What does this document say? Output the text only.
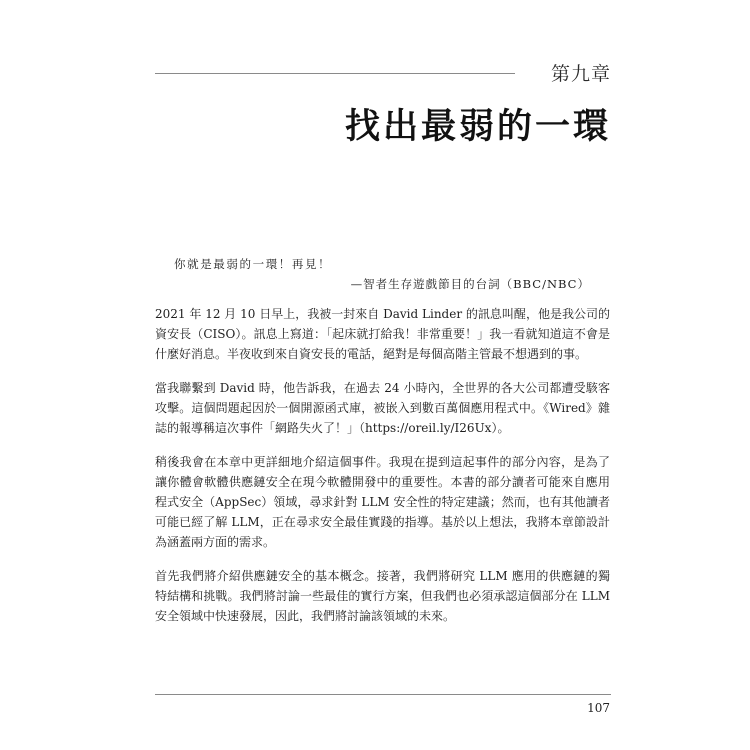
第九章
找出最弱的一環

你就是最弱的一環！再見！

—智者生存遊戲節目的台詞（BBC/NBC）

2021 年 12 月 10 日早上，我被一封來自 David Linder 的訊息叫醒，他是我公司的資安長（CISO）。訊息上寫道：「起床就打給我！非常重要！」我一看就知道這不會是什麼好消息。半夜收到來自資安長的電話，絕對是每個高階主管最不想遇到的事。

當我聯繫到 David 時，他告訴我，在過去 24 小時內，全世界的各大公司都遭受駭客攻擊。這個問題起因於一個開源函式庫，被嵌入到數百萬個應用程式中。《Wired》雜誌的報導稱這次事件「網路失火了！」（https://oreil.ly/I26Ux）。

稍後我會在本章中更詳細地介紹這個事件。我現在提到這起事件的部分內容，是為了讓你體會軟體供應鏈安全在現今軟體開發中的重要性。本書的部分讀者可能來自應用程式安全（AppSec）領域，尋求針對 LLM 安全性的特定建議；然而，也有其他讀者可能已經了解 LLM，正在尋求安全最佳實踐的指導。基於以上想法，我將本章節設計為涵蓋兩方面的需求。

首先我們將介紹供應鏈安全的基本概念。接著，我們將研究 LLM 應用的供應鏈的獨特結構和挑戰。我們將討論一些最佳的實行方案，但我們也必須承認這個部分在 LLM 安全領域中快速發展，因此，我們將討論該領域的未來。

107
